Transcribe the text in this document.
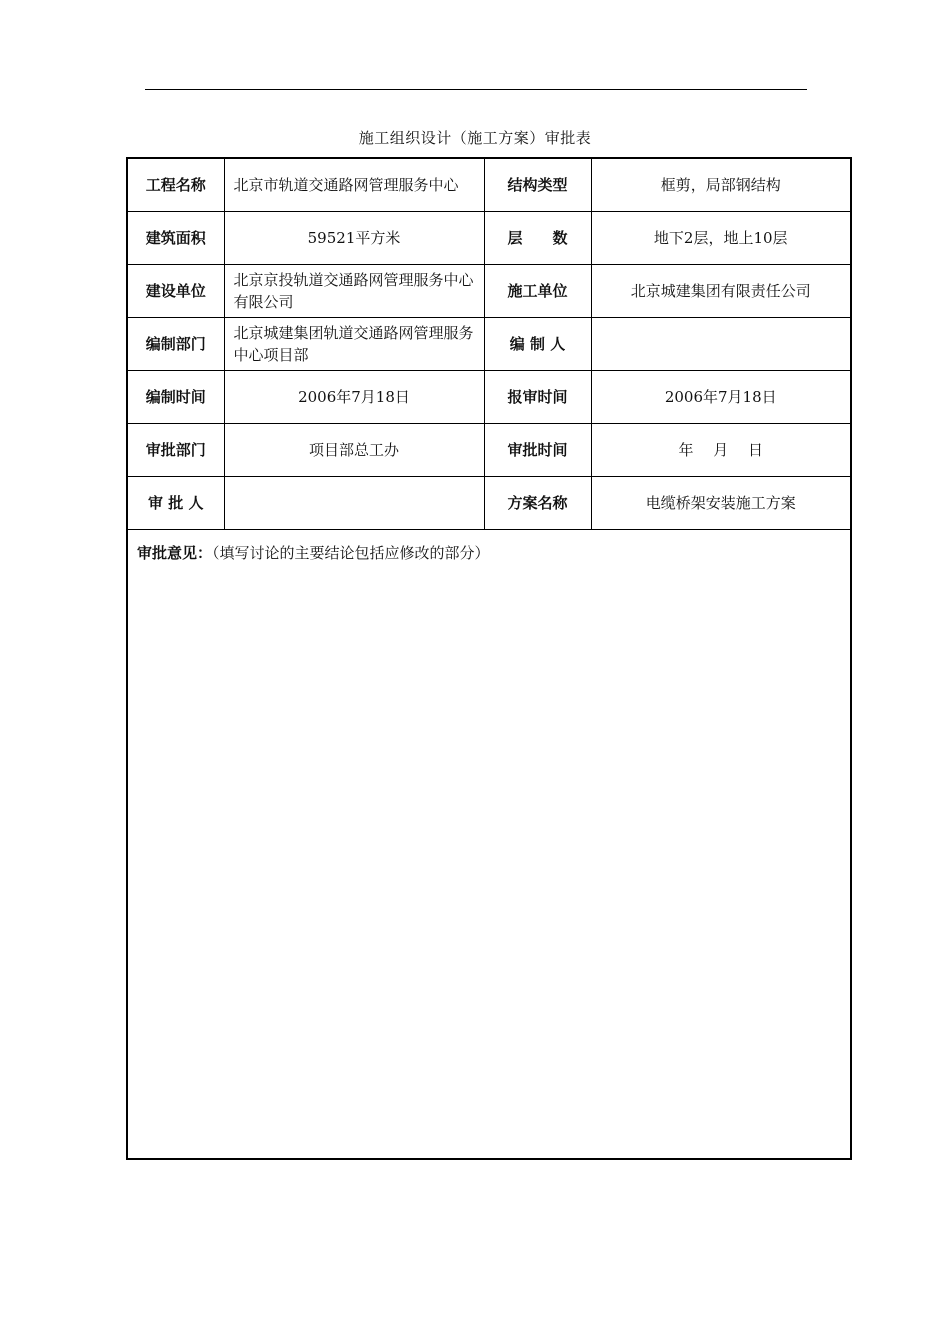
施工组织设计（施工方案）审批表
工程名称	北京市轨道交通路网管理服务中心	结构类型	框剪，局部钢结构
建筑面积	59521平方米	层　　数	地下2层，地上10层
建设单位	北京京投轨道交通路网管理服务中心有限公司	施工单位	北京城建集团有限责任公司
编制部门	北京城建集团轨道交通路网管理服务中心项目部	编 制 人	
编制时间	2006年7月18日	报审时间	2006年7月18日
审批部门	项目部总工办	审批时间	年　 月　 日
审 批 人		方案名称	电缆桥架安装施工方案
审批意见：（填写讨论的主要结论包括应修改的部分）			
